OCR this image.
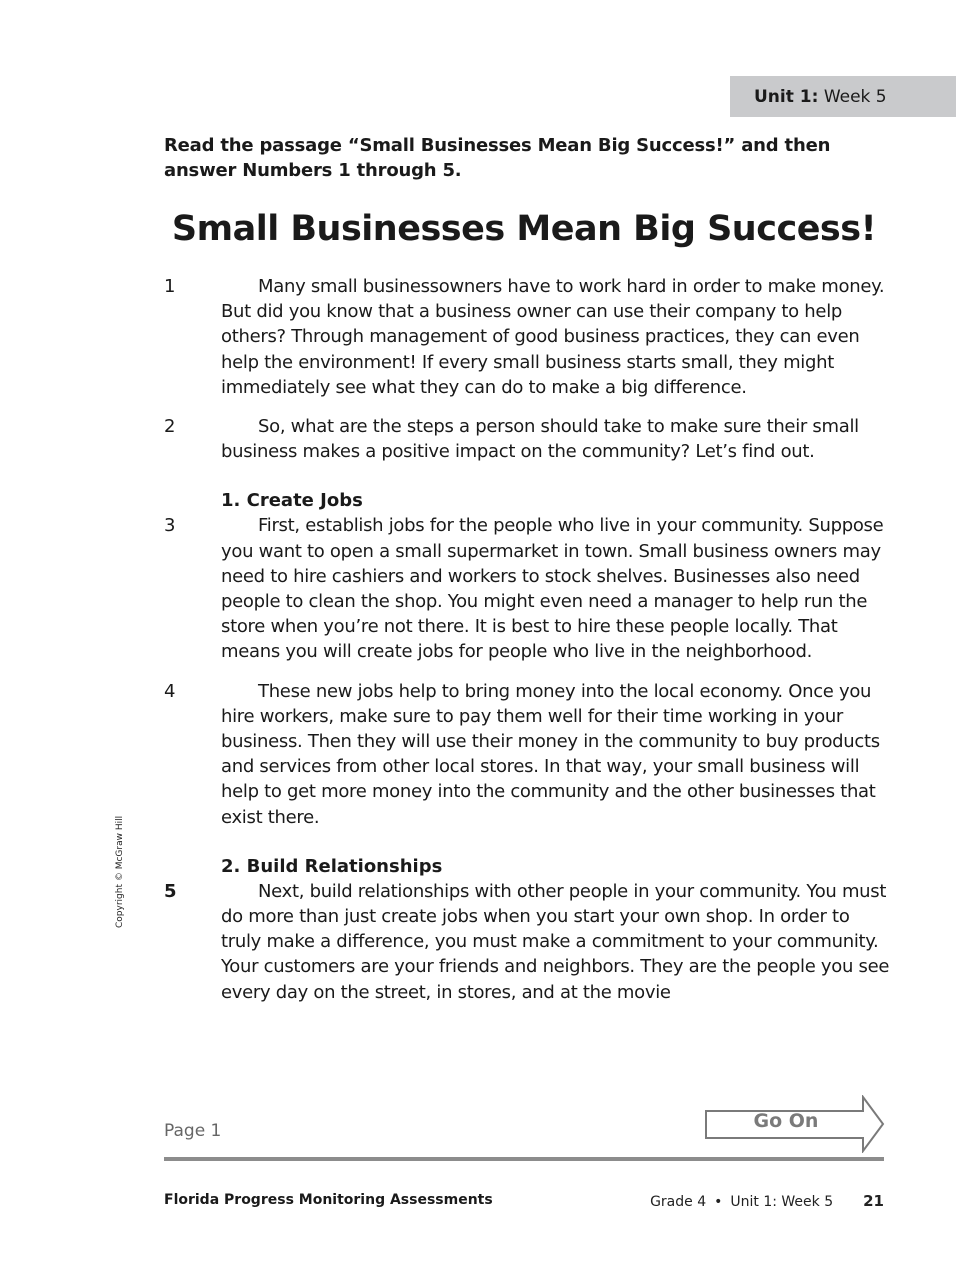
Unit 1: Week 5
Read the passage “Small Businesses Mean Big Success!” and then answer Numbers 1 through 5.
Small Businesses Mean Big Success!
1	Many small businessowners have to work hard in order to make money. But did you know that a business owner can use their company to help others? Through management of good business practices, they can even help the environment! If every small business starts small, they might immediately see what they can do to make a big difference.
2	So, what are the steps a person should take to make sure their small business makes a positive impact on the community? Let’s find out.
1. Create Jobs
3	First, establish jobs for the people who live in your community. Suppose you want to open a small supermarket in town. Small business owners may need to hire cashiers and workers to stock shelves. Businesses also need people to clean the shop. You might even need a manager to help run the store when you’re not there. It is best to hire these people locally. That means you will create jobs for people who live in the neighborhood.
4	These new jobs help to bring money into the local economy. Once you hire workers, make sure to pay them well for their time working in your business. Then they will use their money in the community to buy products and services from other local stores. In that way, your small business will help to get more money into the community and the other businesses that exist there.
2. Build Relationships
5	Next, build relationships with other people in your community. You must do more than just create jobs when you start your own shop. In order to truly make a difference, you must make a commitment to your community. Your customers are your friends and neighbors. They are the people you see every day on the street, in stores, and at the movie
Copyright © McGraw Hill
Page 1	Go On
Florida Progress Monitoring Assessments	Grade 4 • Unit 1: Week 5 21
